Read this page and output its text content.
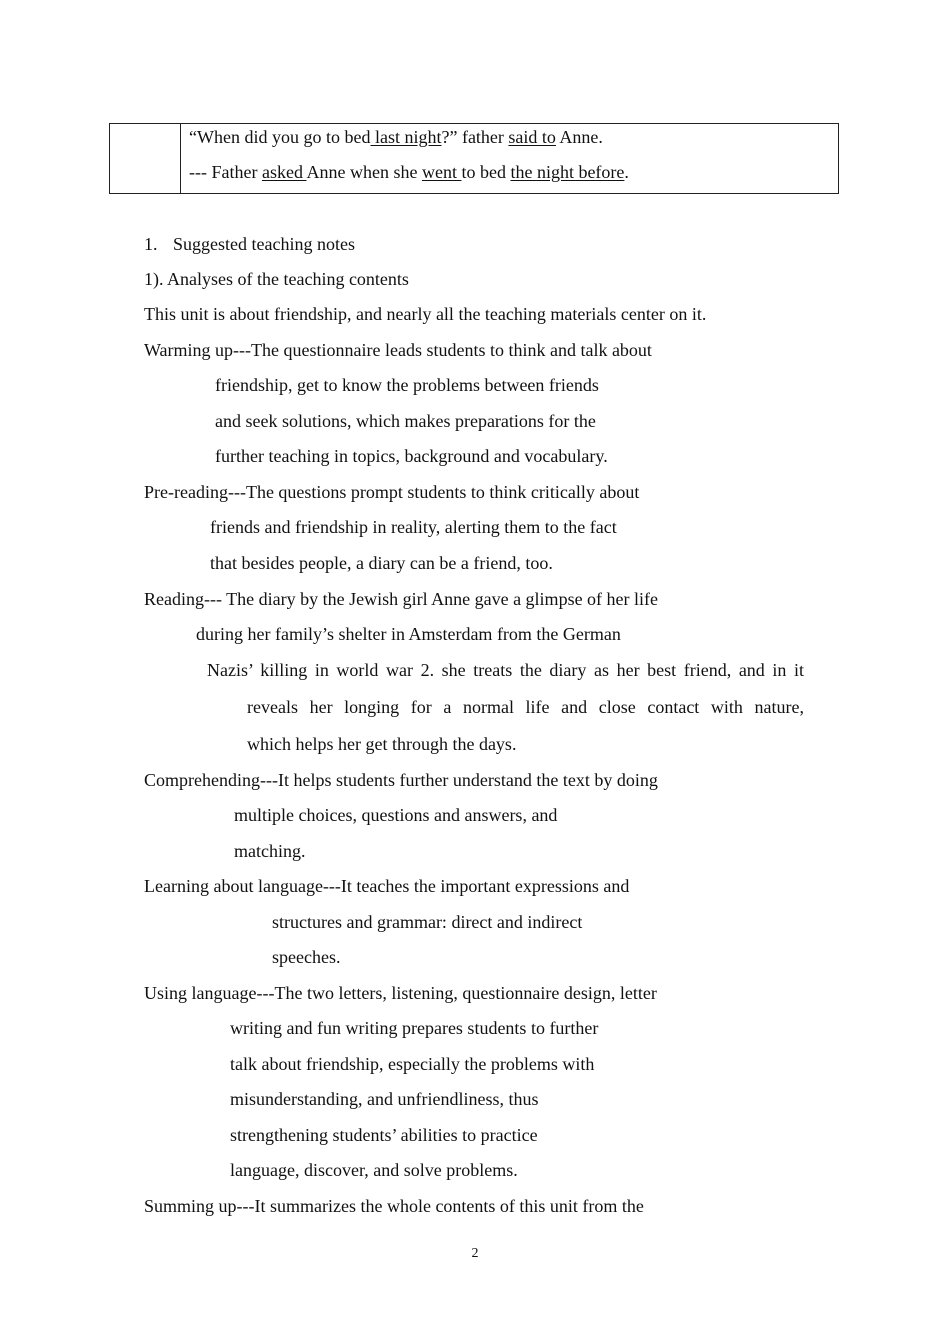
“When did you go to bed last night?” father said to Anne.
--- Father asked Anne when she went to bed the night before.
1. Suggested teaching notes
1). Analyses of the teaching contents
This unit is about friendship, and nearly all the teaching materials center on it.
Warming up---The questionnaire leads students to think and talk about
friendship, get to know the problems between friends
and seek solutions, which makes preparations for the
further teaching in topics, background and vocabulary.
Pre-reading---The questions prompt students to think critically about
friends and friendship in reality, alerting them to the fact
that besides people, a diary can be a friend, too.
Reading--- The diary by the Jewish girl Anne gave a glimpse of her life
during her family’s shelter in Amsterdam from the German
Nazis’ killing in world war 2. she treats the diary as her best friend, and in it
reveals her longing for a normal life and close contact with nature,
which helps her get through the days.
Comprehending---It helps students further understand the text by doing
multiple choices, questions and answers, and
matching.
Learning about language---It teaches the important expressions and
structures and grammar: direct and indirect
speeches.
Using language---The two letters, listening, questionnaire design, letter
writing and fun writing prepares students to further
talk about friendship, especially the problems with
misunderstanding, and unfriendliness, thus
strengthening students’ abilities to practice
language, discover, and solve problems.
Summing up---It summarizes the whole contents of this unit from the
2
